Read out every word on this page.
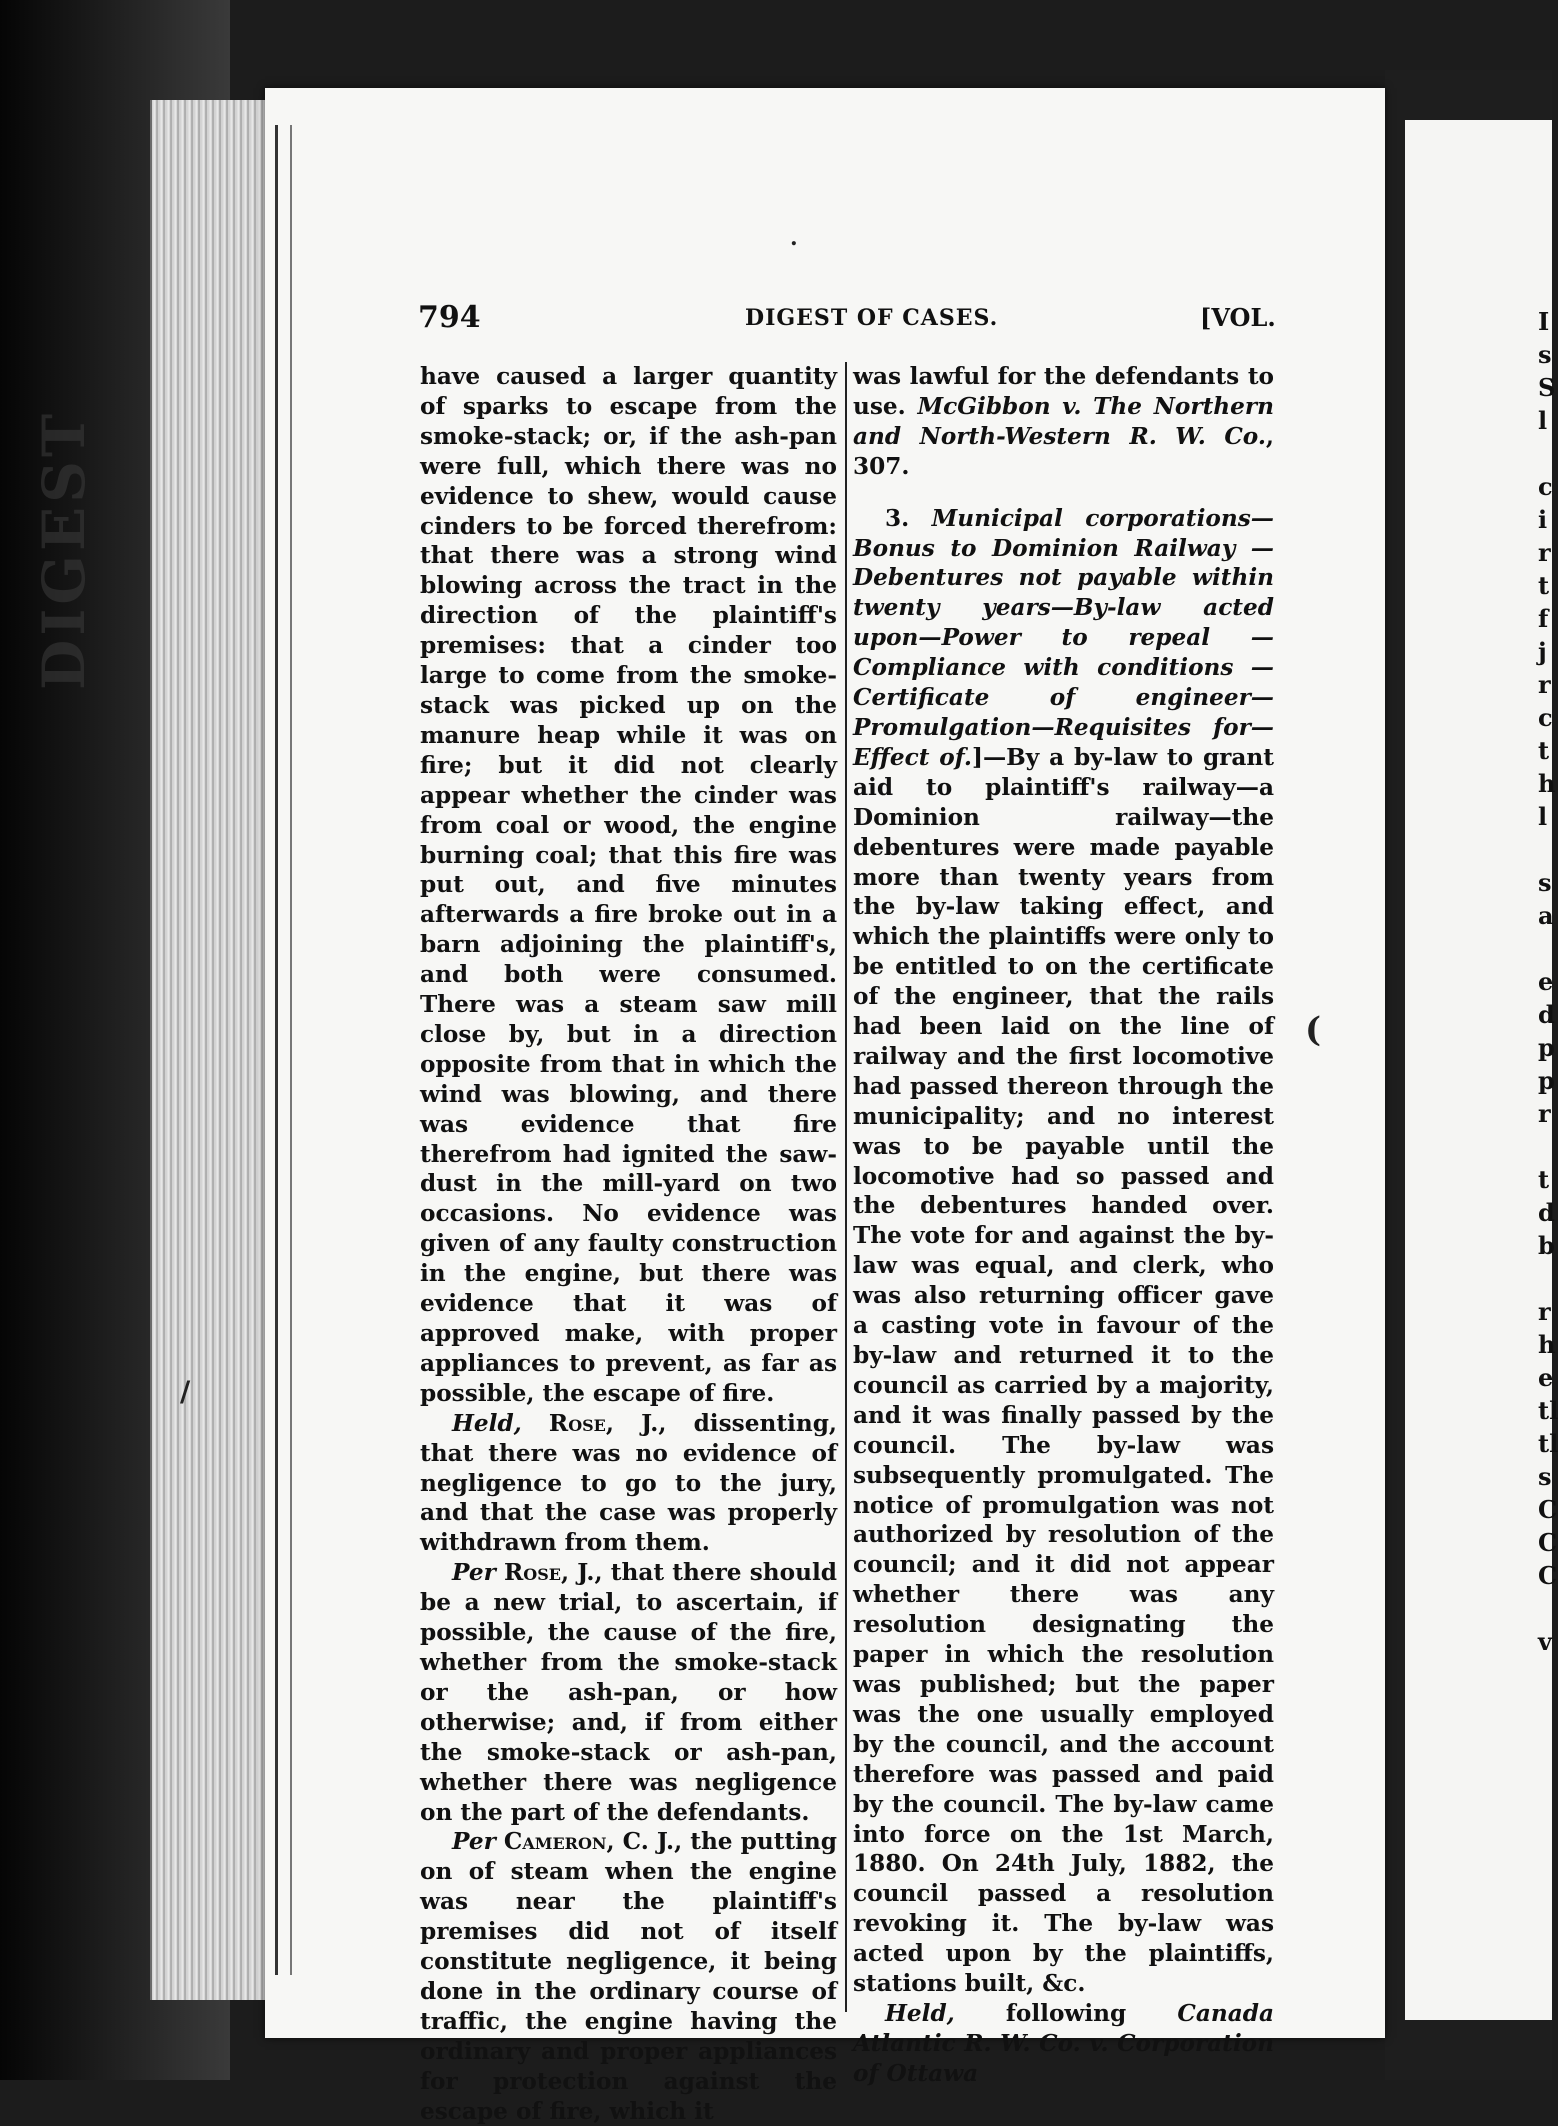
DIGEST
I
s
S
l

c
i
r
t
f
j
r
c
t
h
l

s
a

e
d
p
p
r

t
d
b

r
h
e
tl
tl
s
C
C
C

v
794	DIGEST OF CASES.	[VOL.

have caused a larger quantity of sparks to escape from the smoke-stack; or, if the ash-pan were full, which there was no evidence to shew, would cause cinders to be forced therefrom: that there was a strong wind blowing across the tract in the direction of the plaintiff's premises: that a cinder too large to come from the smoke-stack was picked up on the manure heap while it was on fire; but it did not clearly appear whether the cinder was from coal or wood, the engine burning coal; that this fire was put out, and five minutes afterwards a fire broke out in a barn adjoining the plaintiff's, and both were consumed. There was a steam saw mill close by, but in a direction opposite from that in which the wind was blowing, and there was evidence that fire therefrom had ignited the saw-dust in the mill-yard on two occasions. No evidence was given of any faulty construction in the engine, but there was evidence that it was of approved make, with proper appliances to prevent, as far as possible, the escape of fire.

Held, Rose, J., dissenting, that there was no evidence of negligence to go to the jury, and that the case was properly withdrawn from them.

Per Rose, J., that there should be a new trial, to ascertain, if possible, the cause of the fire, whether from the smoke-stack or the ash-pan, or how otherwise; and, if from either the smoke-stack or ash-pan, whether there was negligence on the part of the defendants.

Per Cameron, C. J., the putting on of steam when the engine was near the plaintiff's premises did not of itself constitute negligence, it being done in the ordinary course of traffic, the engine having the ordinary and proper appliances for protection against the escape of fire, which it

was lawful for the defendants to use. McGibbon v. The Northern and North-Western R. W. Co., 307.

3. Municipal corporations—Bonus to Dominion Railway — Debentures not payable within twenty years—By-law acted upon—Power to repeal — Compliance with conditions — Certificate of engineer—Promulgation—Requisites for—Effect of.]—By a by-law to grant aid to plaintiff's railway—a Dominion railway—the debentures were made payable more than twenty years from the by-law taking effect, and which the plaintiffs were only to be entitled to on the certificate of the engineer, that the rails had been laid on the line of railway and the first locomotive had passed thereon through the municipality; and no interest was to be payable until the locomotive had so passed and the debentures handed over. The vote for and against the by-law was equal, and clerk, who was also returning officer gave a casting vote in favour of the by-law and returned it to the council as carried by a majority, and it was finally passed by the council. The by-law was subsequently promulgated. The notice of promulgation was not authorized by resolution of the council; and it did not appear whether there was any resolution designating the paper in which the resolution was published; but the paper was the one usually employed by the council, and the account therefore was passed and paid by the council. The by-law came into force on the 1st March, 1880. On 24th July, 1882, the council passed a resolution revoking it. The by-law was acted upon by the plaintiffs, stations built, &c.

Held, following Canada Atlantic R. W. Co. v. Corporation of Ottawa

(
/
.
